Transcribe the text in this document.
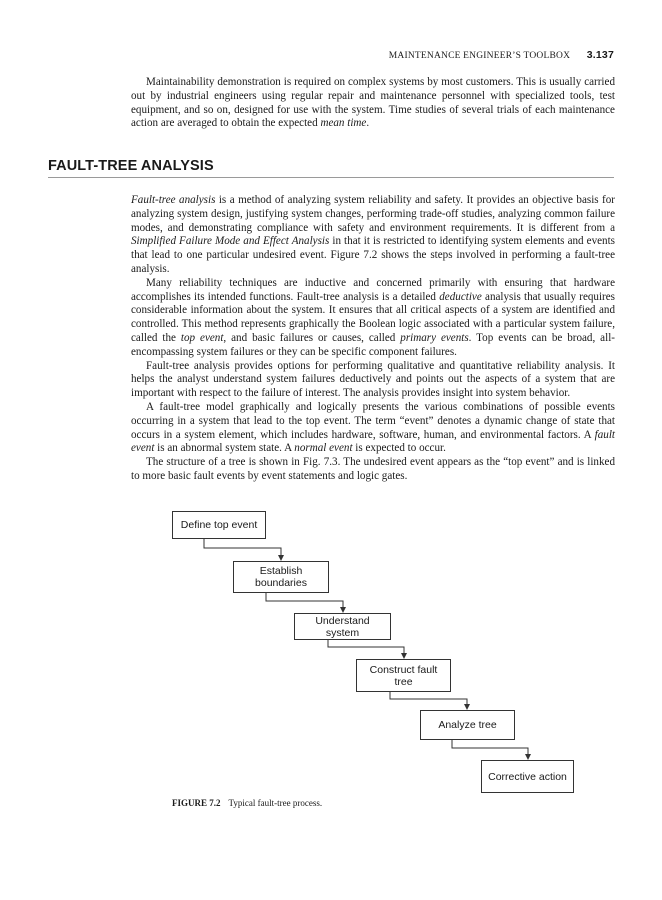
MAINTENANCE ENGINEER’S TOOLBOX 3.137

Maintainability demonstration is required on complex systems by most customers. This is usually carried out by industrial engineers using regular repair and maintenance personnel with specialized tools, test equipment, and so on, designed for use with the system. Time studies of several trials of each maintenance action are averaged to obtain the expected mean time.

FAULT-TREE ANALYSIS

Fault-tree analysis is a method of analyzing system reliability and safety. It provides an objective basis for analyzing system design, justifying system changes, performing trade-off studies, analyzing common failure modes, and demonstrating compliance with safety and environment requirements. It is different from a Simplified Failure Mode and Effect Analysis in that it is restricted to identifying system elements and events that lead to one particular undesired event. Figure 7.2 shows the steps involved in performing a fault-tree analysis.

Many reliability techniques are inductive and concerned primarily with ensuring that hardware accomplishes its intended functions. Fault-tree analysis is a detailed deductive analysis that usually requires considerable information about the system. It ensures that all critical aspects of a system are identified and controlled. This method represents graphically the Boolean logic associated with a particular system failure, called the top event, and basic failures or causes, called primary events. Top events can be broad, all-encompassing system failures or they can be specific component failures.

Fault-tree analysis provides options for performing qualitative and quantitative reliability analysis. It helps the analyst understand system failures deductively and points out the aspects of a system that are important with respect to the failure of interest. The analysis provides insight into system behavior.

A fault-tree model graphically and logically presents the various combinations of possible events occurring in a system that lead to the top event. The term “event” denotes a dynamic change of state that occurs in a system element, which includes hardware, software, human, and environmental factors. A fault event is an abnormal system state. A normal event is expected to occur.

The structure of a tree is shown in Fig. 7.3. The undesired event appears as the “top event” and is linked to more basic fault events by event statements and logic gates.

Define top event
Establish boundaries
Understand system
Construct fault tree
Analyze tree
Corrective action
FIGURE 7.2 Typical fault-tree process.
